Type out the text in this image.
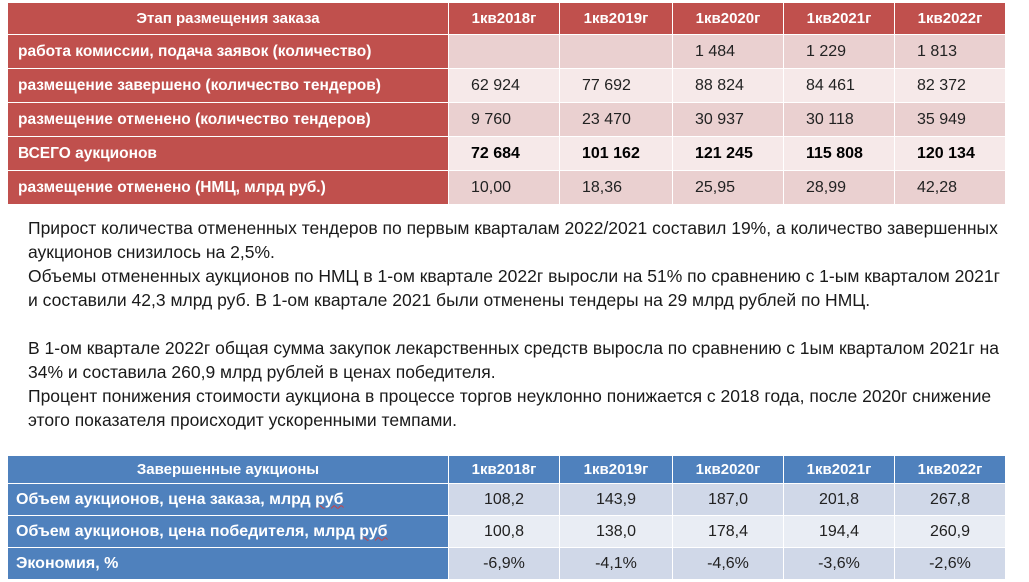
Этап размещения заказа	1кв2018г	1кв2019г	1кв2020г	1кв2021г	1кв2022г
работа комиссии, подача заявок (количество)			1 484	1 229	1 813
размещение завершено (количество тендеров)	62 924	77 692	88 824	84 461	82 372
размещение отменено (количество тендеров)	9 760	23 470	30 937	30 118	35 949
ВСЕГО аукционов	72 684	101 162	121 245	115 808	120 134
размещение отменено (НМЦ, млрд руб.)	10,00	18,36	25,95	28,99	42,28

Прирост количества отмененных тендеров по первым кварталам 2022/2021 составил 19%, а количество завершенных аукционов снизилось на 2,5%.

Объемы отмененных аукционов по НМЦ в 1-ом квартале 2022г выросли на 51% по сравнению с 1-ым кварталом 2021г и составили 42,3 млрд руб. В 1-ом квартале 2021 были отменены тендеры на 29 млрд рублей по НМЦ.

В 1-ом квартале 2022г общая сумма закупок лекарственных средств выросла по сравнению с 1ым кварталом 2021г на 34% и составила 260,9 млрд рублей в ценах победителя.

Процент понижения стоимости аукциона в процессе торгов неуклонно понижается с 2018 года, после 2020г снижение этого показателя происходит ускоренными темпами.

Завершенные аукционы	1кв2018г	1кв2019г	1кв2020г	1кв2021г	1кв2022г
Объем аукционов, цена заказа, млрд руб	108,2	143,9	187,0	201,8	267,8
Объем аукционов, цена победителя, млрд руб	100,8	138,0	178,4	194,4	260,9
Экономия, %	-6,9%	-4,1%	-4,6%	-3,6%	-2,6%
